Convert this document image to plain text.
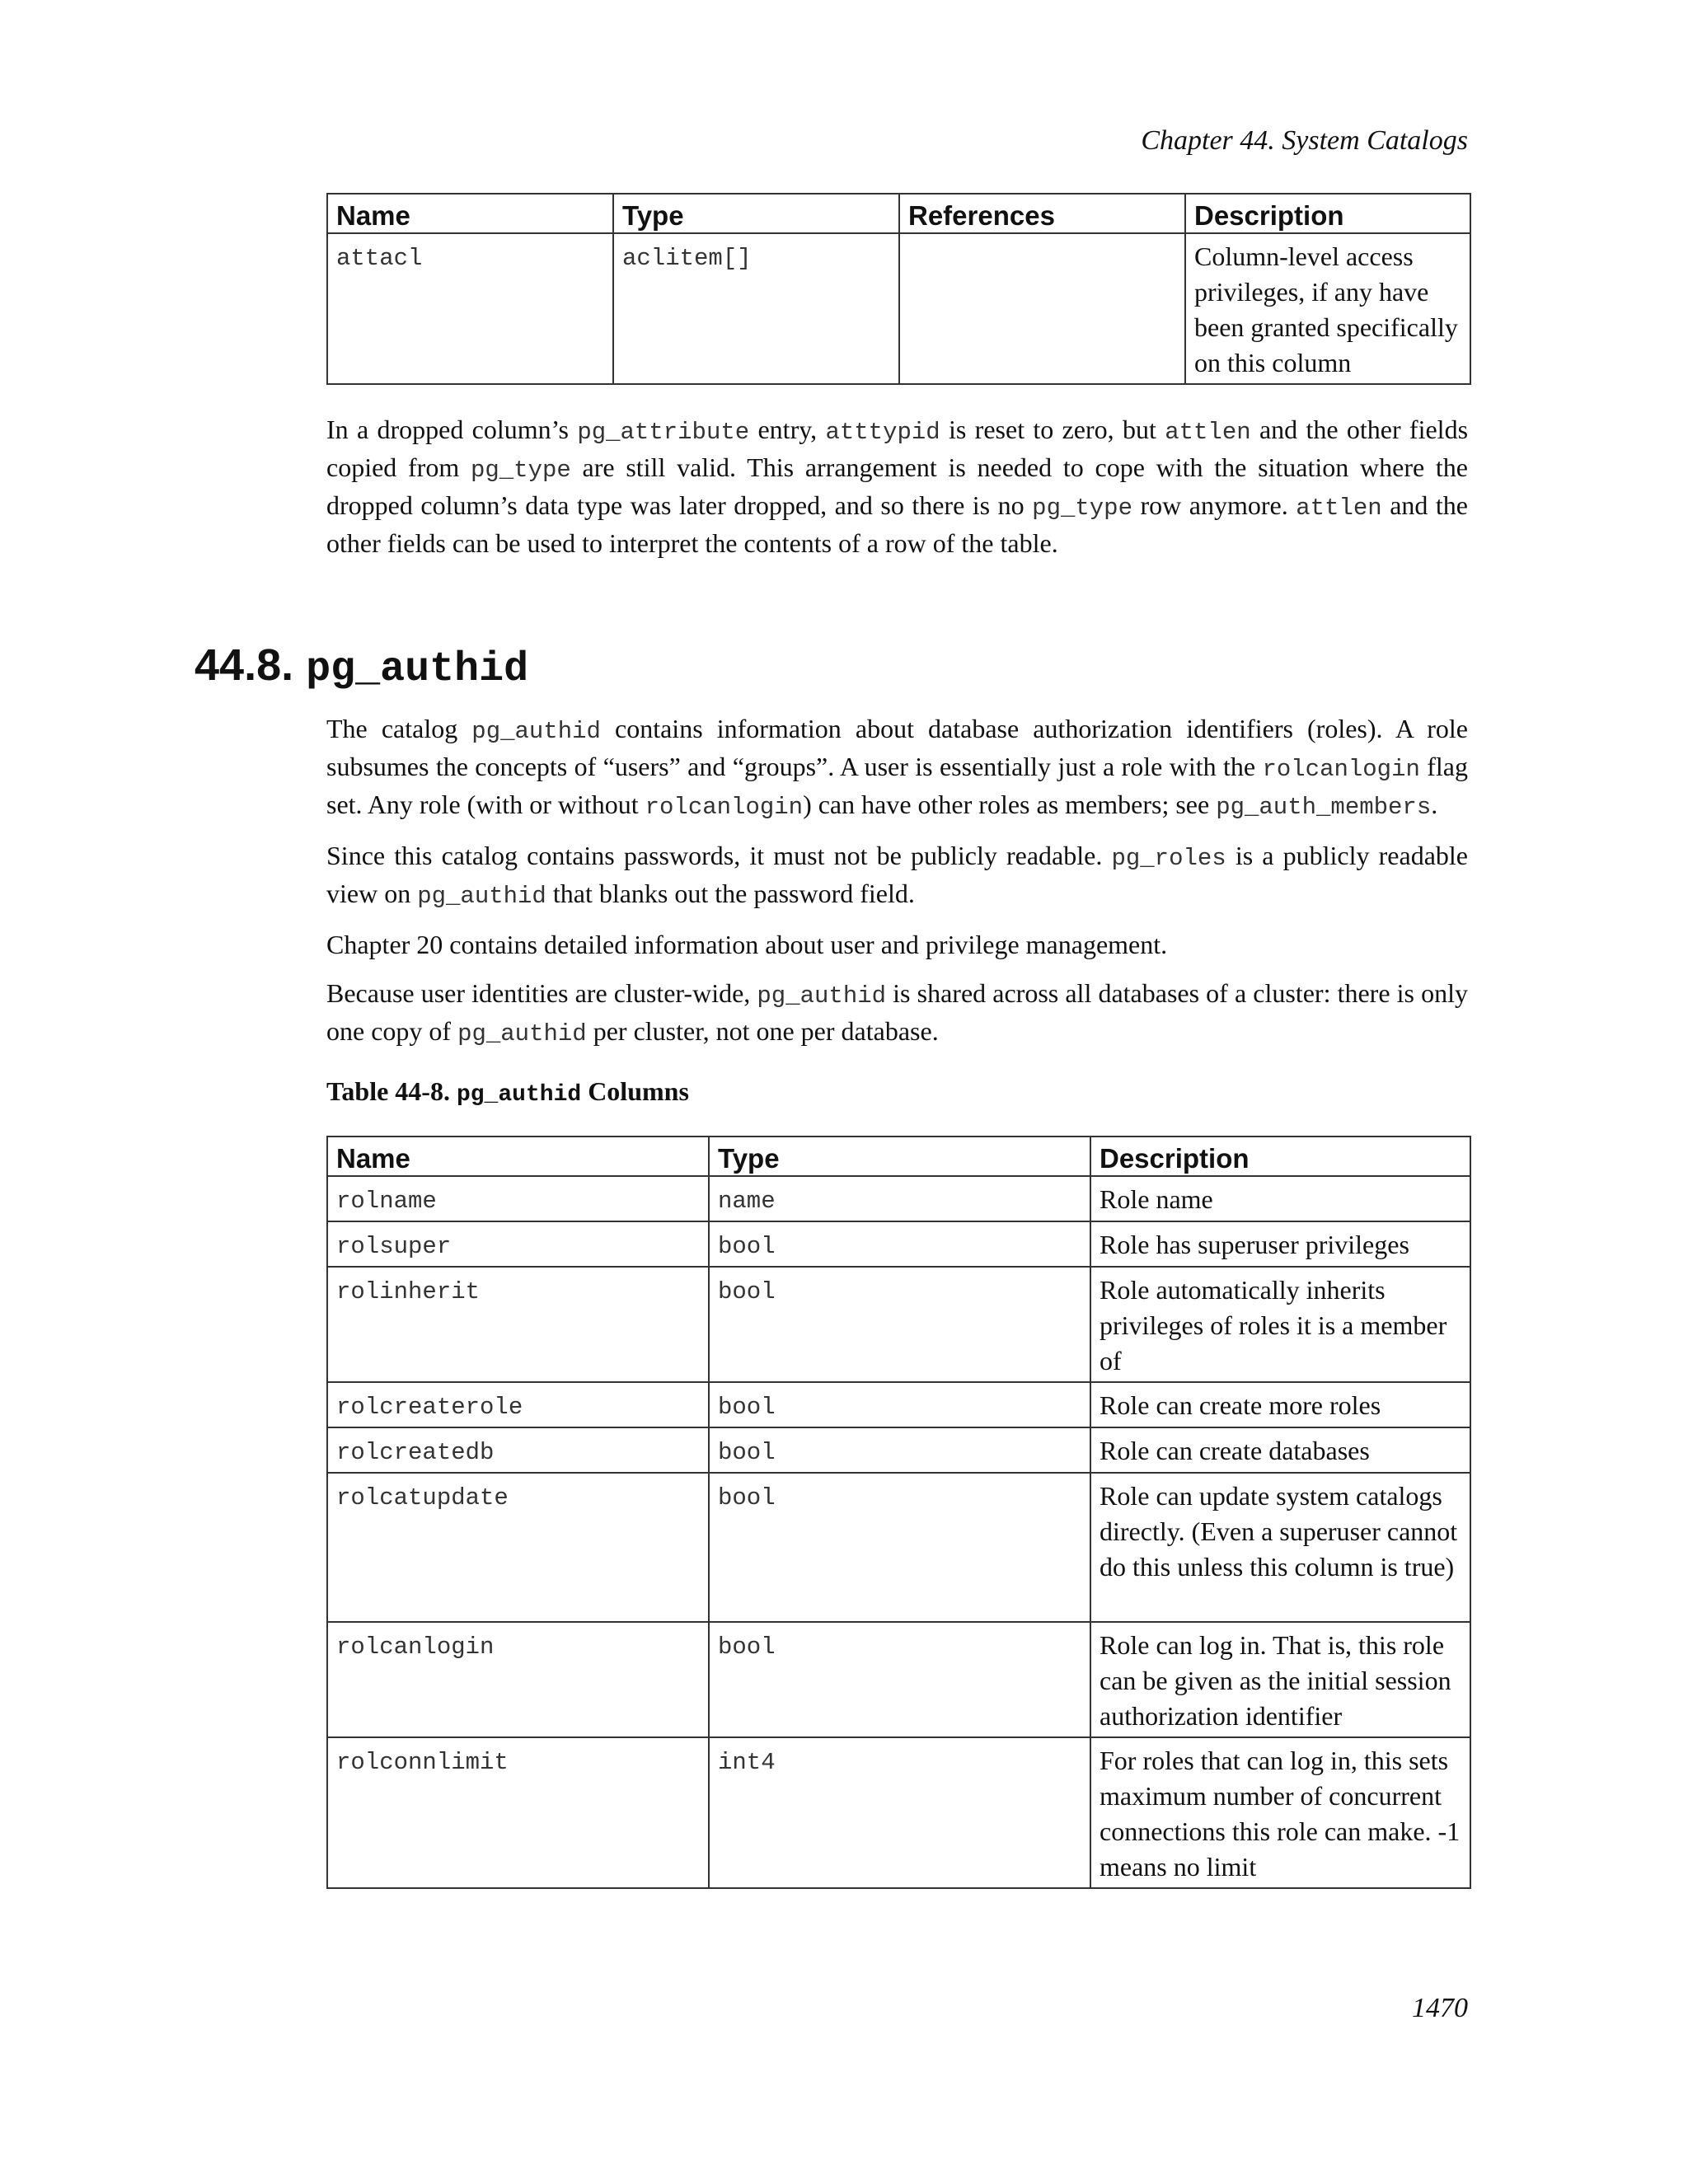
Chapter 44. System Catalogs
Name	Type	References	Description
attacl	aclitem[]		Column-level access privileges, if any have been granted specifically on this column

In a dropped column’s pg_attribute entry, atttypid is reset to zero, but attlen and the other fields copied from pg_type are still valid. This arrangement is needed to cope with the situation where the dropped column’s data type was later dropped, and so there is no pg_type row anymore. attlen and the other fields can be used to interpret the contents of a row of the table.

44.8. pg_authid

The catalog pg_authid contains information about database authorization identifiers (roles). A role subsumes the concepts of “users” and “groups”. A user is essentially just a role with the rolcanlogin flag set. Any role (with or without rolcanlogin) can have other roles as members; see pg_auth_members.

Since this catalog contains passwords, it must not be publicly readable. pg_roles is a publicly readable view on pg_authid that blanks out the password field.

Chapter 20 contains detailed information about user and privilege management.

Because user identities are cluster-wide, pg_authid is shared across all databases of a cluster: there is only one copy of pg_authid per cluster, not one per database.

Table 44-8. pg_authid Columns
Name	Type	Description
rolname	name	Role name
rolsuper	bool	Role has superuser privileges
rolinherit	bool	Role automatically inherits privileges of roles it is a member of
rolcreaterole	bool	Role can create more roles
rolcreatedb	bool	Role can create databases
rolcatupdate	bool	Role can update system catalogs directly. (Even a superuser cannot do this unless this column is true)
rolcanlogin	bool	Role can log in. That is, this role can be given as the initial session authorization identifier
rolconnlimit	int4	For roles that can log in, this sets maximum number of concurrent connections this role can make. -1 means no limit
1470
